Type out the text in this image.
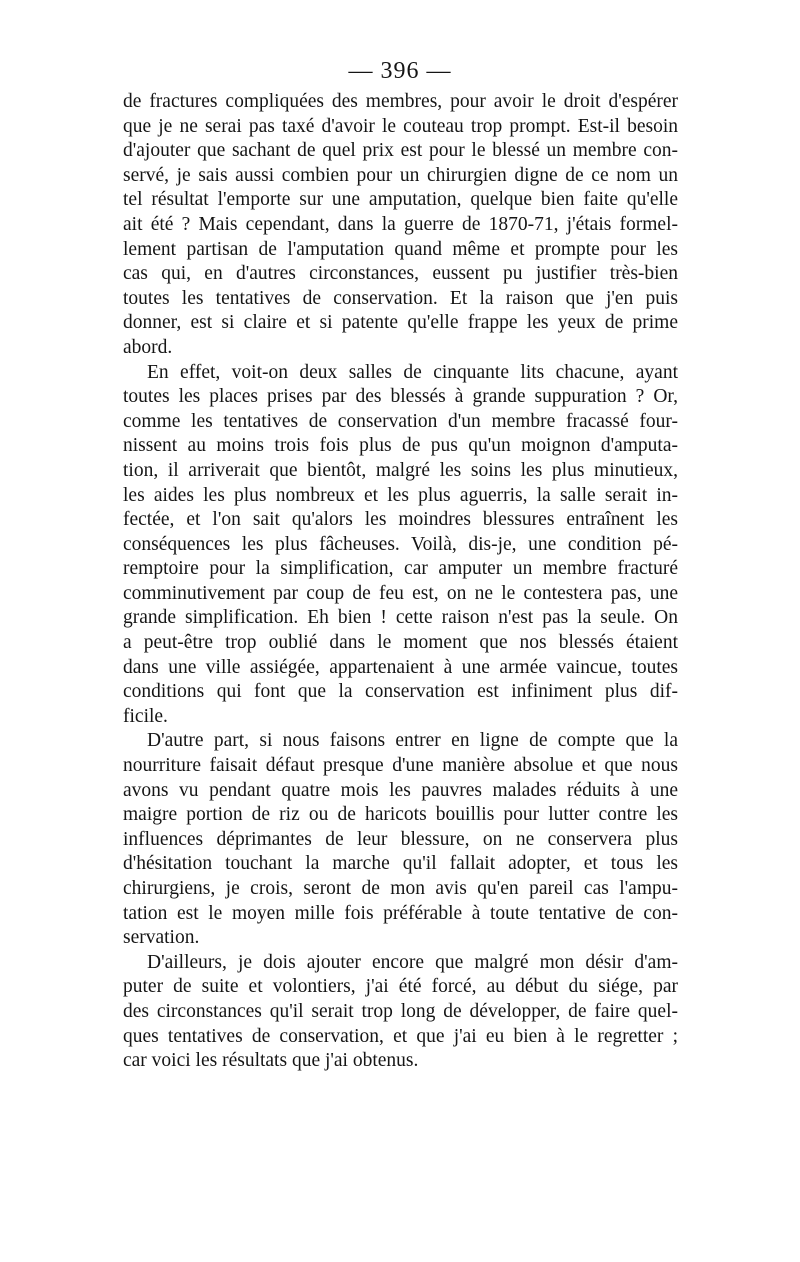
— 396 —
de fractures compliquées des membres, pour avoir le droit d'espérer
que je ne serai pas taxé d'avoir le couteau trop prompt. Est-il besoin
d'ajouter que sachant de quel prix est pour le blessé un membre con-
servé, je sais aussi combien pour un chirurgien digne de ce nom un
tel résultat l'emporte sur une amputation, quelque bien faite qu'elle
ait été ? Mais cependant, dans la guerre de 1870-71, j'étais formel-
lement partisan de l'amputation quand même et prompte pour les
cas qui, en d'autres circonstances, eussent pu justifier très-bien
toutes les tentatives de conservation. Et la raison que j'en puis
donner, est si claire et si patente qu'elle frappe les yeux de prime
abord.
En effet, voit-on deux salles de cinquante lits chacune, ayant
toutes les places prises par des blessés à grande suppuration ? Or,
comme les tentatives de conservation d'un membre fracassé four-
nissent au moins trois fois plus de pus qu'un moignon d'amputa-
tion, il arriverait que bientôt, malgré les soins les plus minutieux,
les aides les plus nombreux et les plus aguerris, la salle serait in-
fectée, et l'on sait qu'alors les moindres blessures entraînent les
conséquences les plus fâcheuses. Voilà, dis-je, une condition pé-
remptoire pour la simplification, car amputer un membre fracturé
comminutivement par coup de feu est, on ne le contestera pas, une
grande simplification. Eh bien ! cette raison n'est pas la seule. On
a peut-être trop oublié dans le moment que nos blessés étaient
dans une ville assiégée, appartenaient à une armée vaincue, toutes
conditions qui font que la conservation est infiniment plus dif-
ficile.
D'autre part, si nous faisons entrer en ligne de compte que la
nourriture faisait défaut presque d'une manière absolue et que nous
avons vu pendant quatre mois les pauvres malades réduits à une
maigre portion de riz ou de haricots bouillis pour lutter contre les
influences déprimantes de leur blessure, on ne conservera plus
d'hésitation touchant la marche qu'il fallait adopter, et tous les
chirurgiens, je crois, seront de mon avis qu'en pareil cas l'ampu-
tation est le moyen mille fois préférable à toute tentative de con-
servation.
D'ailleurs, je dois ajouter encore que malgré mon désir d'am-
puter de suite et volontiers, j'ai été forcé, au début du siége, par
des circonstances qu'il serait trop long de développer, de faire quel-
ques tentatives de conservation, et que j'ai eu bien à le regretter ;
car voici les résultats que j'ai obtenus.
